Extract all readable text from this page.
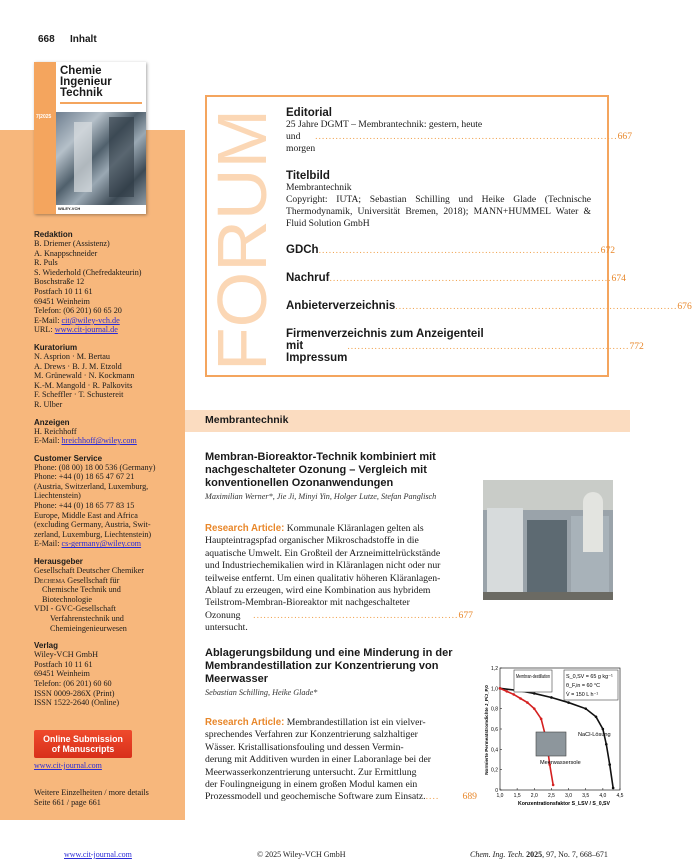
668 Inhalt
7|2025
Chemie
Ingenieur
Technik
WILEY-VCH
Redaktion
B. Driemer (Assistenz)
A. Knappschneider
R. Puls
S. Wiederhold (Chefredakteurin)
Boschstraße 12
Postfach 10 11 61
69451 Weinheim
Telefon: (06 201) 60 65 20
E-Mail: cit@wiley-vch.de
URL: www.cit-journal.de
Kuratorium
N. Asprion · M. Bertau
A. Drews · B. J. M. Etzold
M. Grünewald · N. Kockmann
K.-M. Mangold · R. Palkovits
F. Scheffler · T. Schustereit
R. Ulber
Anzeigen
H. Reichhoff
E-Mail: hreichhoff@wiley.com
Customer Service
Phone: (08 00) 18 00 536 (Germany)
Phone: +44 (0) 18 65 47 67 21
(Austria, Switzerland, Luxemburg,
Liechtenstein)
Phone: +44 (0) 18 65 77 83 15
Europe, Middle East and Africa
(excluding Germany, Austria, Swit-
zerland, Luxemburg, Liechtenstein)
E-Mail: cs-germany@wiley.com
Herausgeber
Gesellschaft Deutscher Chemiker
Dechema Gesellschaft für
Chemische Technik und
Biotechnologie
VDI - GVC-Gesellschaft
Verfahrenstechnik und
Chemieingenieurwesen
Verlag
Wiley-VCH GmbH
Postfach 10 11 61
69451 Weinheim
Telefon: (06 201) 60 60
ISSN 0009-286X (Print)
ISSN 1522-2640 (Online)
Online Submission
of Manuscripts
www.cit-journal.com
Weitere Einzelheiten / more details
Seite 661 / page 661
FORUM
Editorial
25 Jahre DGMT – Membrantechnik: gestern, heute
und morgen
......................................................................................... 667
Titelbild
Membrantechnik
Copyright: IUTA; Sebastian Schilling und Heike Glade (Technische Thermodynamik, Universität Bremen, 2018); MANN+HUMMEL Water & Fluid Solution GmbH
GDCh ................................................................................... 672
Nachruf ................................................................................... 674
Anbieterverzeichnis ................................................................................... 676
Firmenverzeichnis zum Anzeigenteil
mit Impressum
................................................................................... 772
Membrantechnik
Membran-Bioreaktor-Technik kombiniert mit nachgeschalteter Ozonung – Vergleich mit konventionellen Ozonanwendungen
Maximilian Werner*, Jie Ji, Minyi Yin, Holger Lutze, Stefan Panglisch
Research Article: Kommunale Kläranlagen gelten als
Haupteintragspfad organischer Mikroschadstoffe in die
aquatische Umwelt. Ein Großteil der Arzneimittelrückstände
und Industriechemikalien wird in Kläranlagen nicht oder nur
teilweise entfernt. Um einen qualitativ höheren Kläranlagen-
Ablauf zu erzeugen, wird eine Kombination aus hybridem
Teilstrom-Membran-Bioreaktor mit nachgeschalteter
Ozonung untersucht.
............................................................ 677
Ablagerungsbildung und eine Minderung in der Membrandestillation zur Konzentrierung von Meerwasser
Sebastian Schilling, Heike Glade*
Research Article: Membrandestillation ist ein vielver-
sprechendes Verfahren zur Konzentrierung salzhaltiger
Wässer. Kristallisationsfouling und dessen Vermin-
derung mit Additiven wurden in einer Laboranlage bei der
Meerwasserkonzentrierung untersucht. Zur Ermittlung
der Foulingneigung in einem großen Modul kamen ein
Prozessmodell und geochemische Software zum Einsatz. ....	689	1,0 1,5 2,0 2,5 3,0 3,5 4,0 4,5
0
0,2
0,4
0,6
0,8
1,0
1,2
S_0,SV = 65 g kg⁻¹
θ_F,in = 60 °C
V̇ = 150 L h⁻¹
Membran-destillation
NaCl-Lösung
Meerwassersole
Normierte Permeatstromdichte J_P/J_P,0
Konzentrationsfaktor S_LSV / S_0,SV
www.cit-journal.com	© 2025 Wiley-VCH GmbH	Chem. Ing. Tech. 2025, 97, No. 7, 668–671
